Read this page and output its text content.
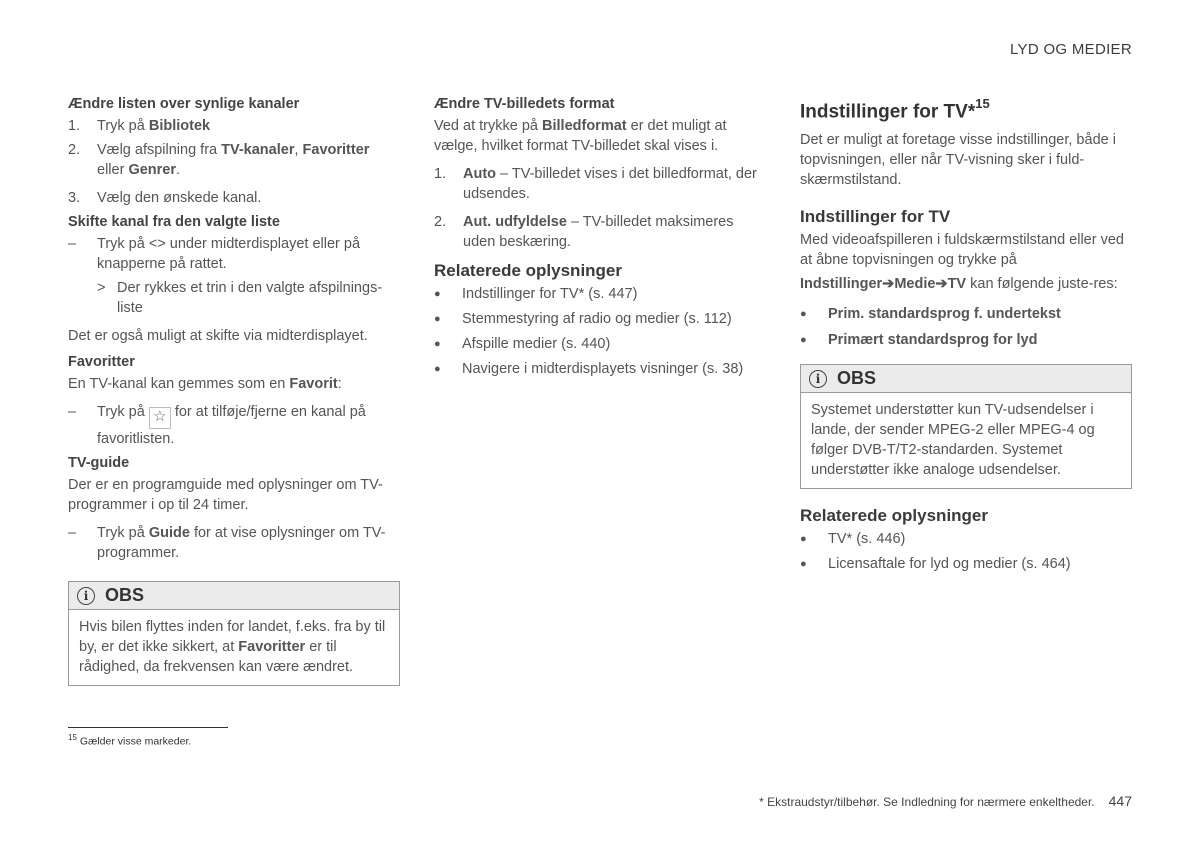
LYD OG MEDIER
Ændre listen over synlige kanaler
1.	Tryk på Bibliotek
2.	Vælg afspilning fra TV-kanaler, Favoritter eller Genrer.
3.	Vælg den ønskede kanal.
Skifte kanal fra den valgte liste
–	Tryk på <> under midterdisplayet eller på knapperne på rattet.
> Der rykkes et trin i den valgte afspilnings-liste

Det er også muligt at skifte via midterdisplayet.

Favoritter

En TV-kanal kan gemmes som en Favorit:

–	Tryk på ☆ for at tilføje/fjerne en kanal på favoritlisten.
TV-guide

Der er en programguide med oplysninger om TV-programmer i op til 24 timer.

–	Tryk på Guide for at vise oplysninger om TV-programmer.
i OBS
Hvis bilen flyttes inden for landet, f.eks. fra by til by, er det ikke sikkert, at Favoritter er til rådighed, da frekvensen kan være ændret.
Ændre TV-billedets format

Ved at trykke på Billedformat er det muligt at vælge, hvilket format TV-billedet skal vises i.

1.	Auto – TV-billedet vises i det billedformat, der udsendes.
2.	Aut. udfyldelse – TV-billedet maksimeres uden beskæring.
Relaterede oplysninger
●	Indstillinger for TV* (s. 447)
●	Stemmestyring af radio og medier (s. 112)
●	Afspille medier (s. 440)
●	Navigere i midterdisplayets visninger (s. 38)
Indstillinger for TV*$^{15}$

Det er muligt at foretage visse indstillinger, både i topvisningen, eller når TV-visning sker i fuld-skærmstilstand.

Indstillinger for TV

Med videoafspilleren i fuldskærmstilstand eller ved at åbne topvisningen og trykke på

Indstillinger➔Medie➔TV kan følgende juste-res:

●	Prim. standardsprog f. undertekst
●	Primært standardsprog for lyd
i OBS
Systemet understøtter kun TV-udsendelser i lande, der sender MPEG-2 eller MPEG-4 og følger DVB-T/T2-standarden. Systemet understøtter ikke analoge udsendelser.
Relaterede oplysninger
●	TV* (s. 446)
●	Licensaftale for lyd og medier (s. 464)
$^{15}$ Gælder visse markeder.
* Ekstraudstyr/tilbehør. Se Indledning for nærmere enkeltheder. 447
